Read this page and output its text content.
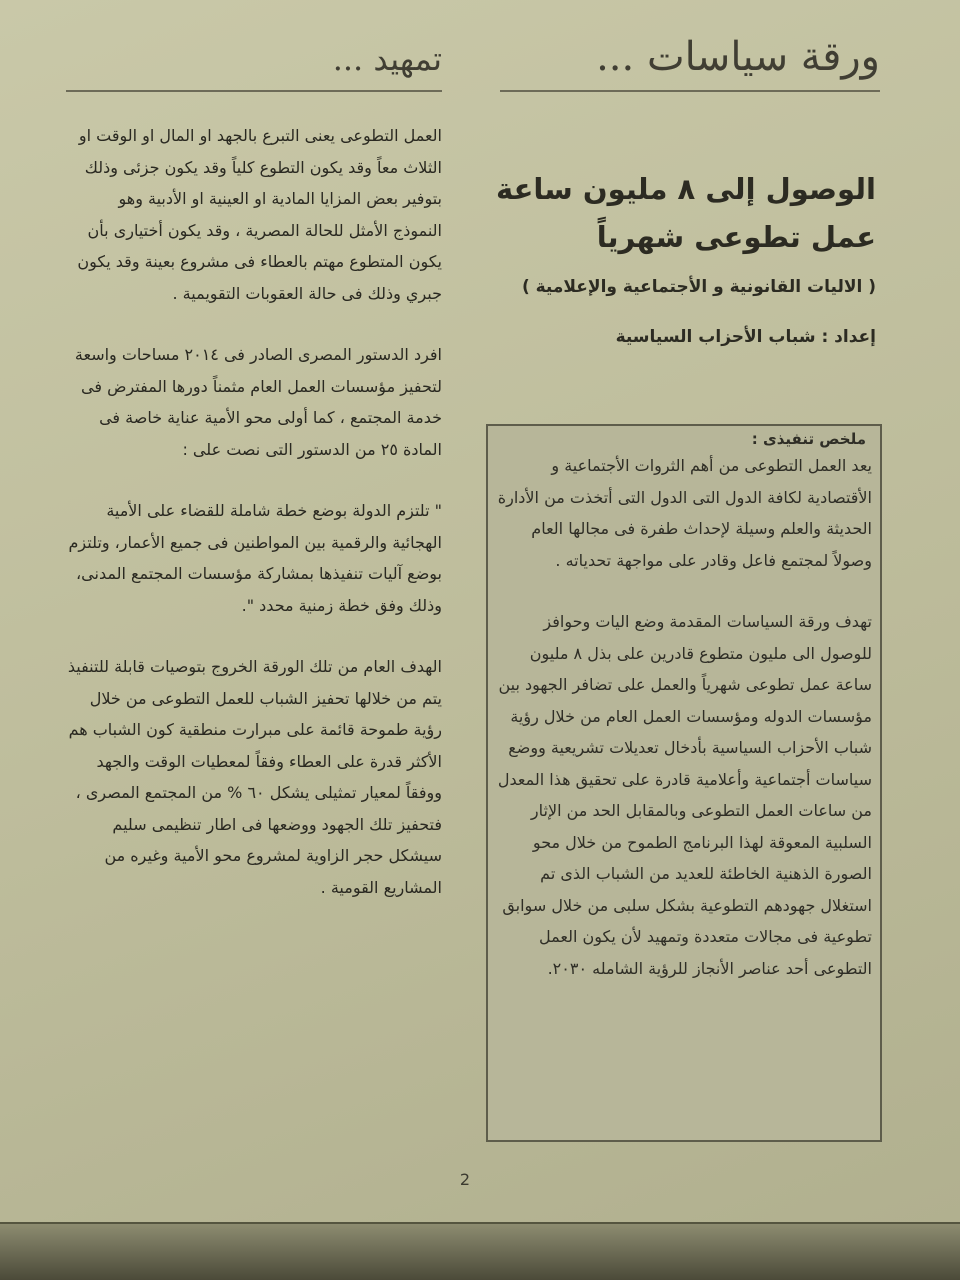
ورقة سياسات ...
تمهيد ...
الوصول إلى ٨ مليون ساعة عمل تطوعى شهرياً
( الاليات القانونية و الأجتماعية والإعلامية )
إعداد : شباب الأحزاب السياسية
ملخص تنفيذى :

يعد العمل التطوعى من أهم الثروات الأجتماعية و الأقتصادية لكافة الدول التى الدول التى أتخذت من الأدارة الحديثة والعلم وسيلة لإحداث طفرة فى مجالها العام وصولاً لمجتمع فاعل وقادر على مواجهة تحدياته .

تهدف ورقة السياسات المقدمة وضع اليات وحوافز للوصول الى مليون متطوع قادرين على بذل ٨ مليون ساعة عمل تطوعى شهرياً والعمل على تضافر الجهود بين مؤسسات الدوله ومؤسسات العمل العام من خلال رؤية شباب الأحزاب السياسية بأدخال تعديلات تشريعية ووضع سياسات أجتماعية وأعلامية قادرة على تحقيق هذا المعدل من ساعات العمل التطوعى وبالمقابل الحد من الإثار السلبية المعوقة لهذا البرنامج الطموح من خلال محو الصورة الذهنية الخاطئة للعديد من الشباب الذى تم استغلال جهودهم التطوعية بشكل سلبى من خلال سوابق تطوعية فى مجالات متعددة وتمهيد لأن يكون العمل التطوعى أحد عناصر الأنجاز للرؤية الشامله ٢٠٣٠.

العمل التطوعى يعنى التبرع بالجهد او المال او الوقت او الثلاث معاً وقد يكون التطوع كلياً وقد يكون جزئى وذلك بتوفير بعض المزايا المادية او العينية او الأدبية وهو النموذج الأمثل للحالة المصرية ، وقد يكون أختيارى بأن يكون المتطوع مهتم بالعطاء فى مشروع بعينة وقد يكون جبري وذلك فى حالة العقوبات التقويمية .

افرد الدستور المصرى الصادر فى ٢٠١٤ مساحات واسعة لتحفيز مؤسسات العمل العام مثمناً دورها المفترض فى خدمة المجتمع ، كما أولى محو الأمية عناية خاصة فى المادة ٢٥ من الدستور التى نصت على :

" تلتزم الدولة بوضع خطة شاملة للقضاء على الأمية الهجائية والرقمية بين المواطنين فى جميع الأعمار، وتلتزم بوضع آليات تنفيذها بمشاركة مؤسسات المجتمع المدنى، وذلك وفق خطة زمنية محدد ".

الهدف العام من تلك الورقة الخروج بتوصيات قابلة للتنفيذ يتم من خلالها تحفيز الشباب للعمل التطوعى من خلال رؤية طموحة قائمة على مبرارت منطقية كون الشباب هم الأكثر قدرة على العطاء وفقاً لمعطيات الوقت والجهد ووفقاً لمعيار تمثيلى يشكل ٦٠ % من المجتمع المصرى ، فتحفيز تلك الجهود ووضعها فى اطار تنظيمى سليم سيشكل حجر الزاوية لمشروع محو الأمية وغيره من المشاريع القومية .

2
